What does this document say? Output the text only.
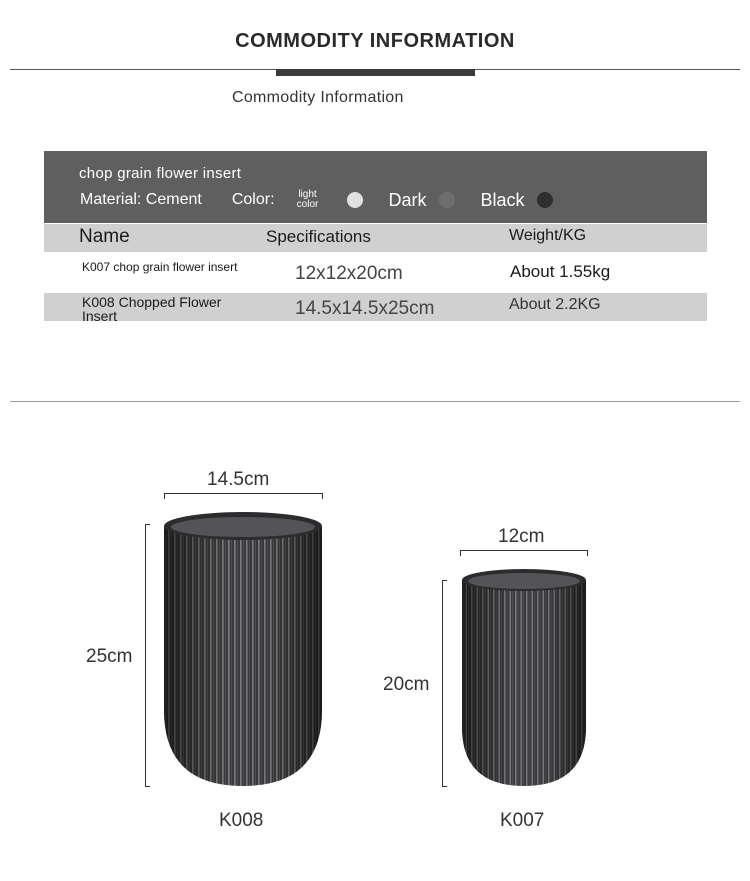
COMMODITY INFORMATION
Commodity Information
chop grain flower insert
Material: Cement Color:	light color	Dark	Black
Name	Specifications	Weight/KG
K007 chop grain flower insert	12x12x20cm	About 1.55kg
K008 Chopped Flower Insert	14.5x14.5x25cm	About 2.2KG
14.5cm
25cm
K008
12cm
20cm
K007
